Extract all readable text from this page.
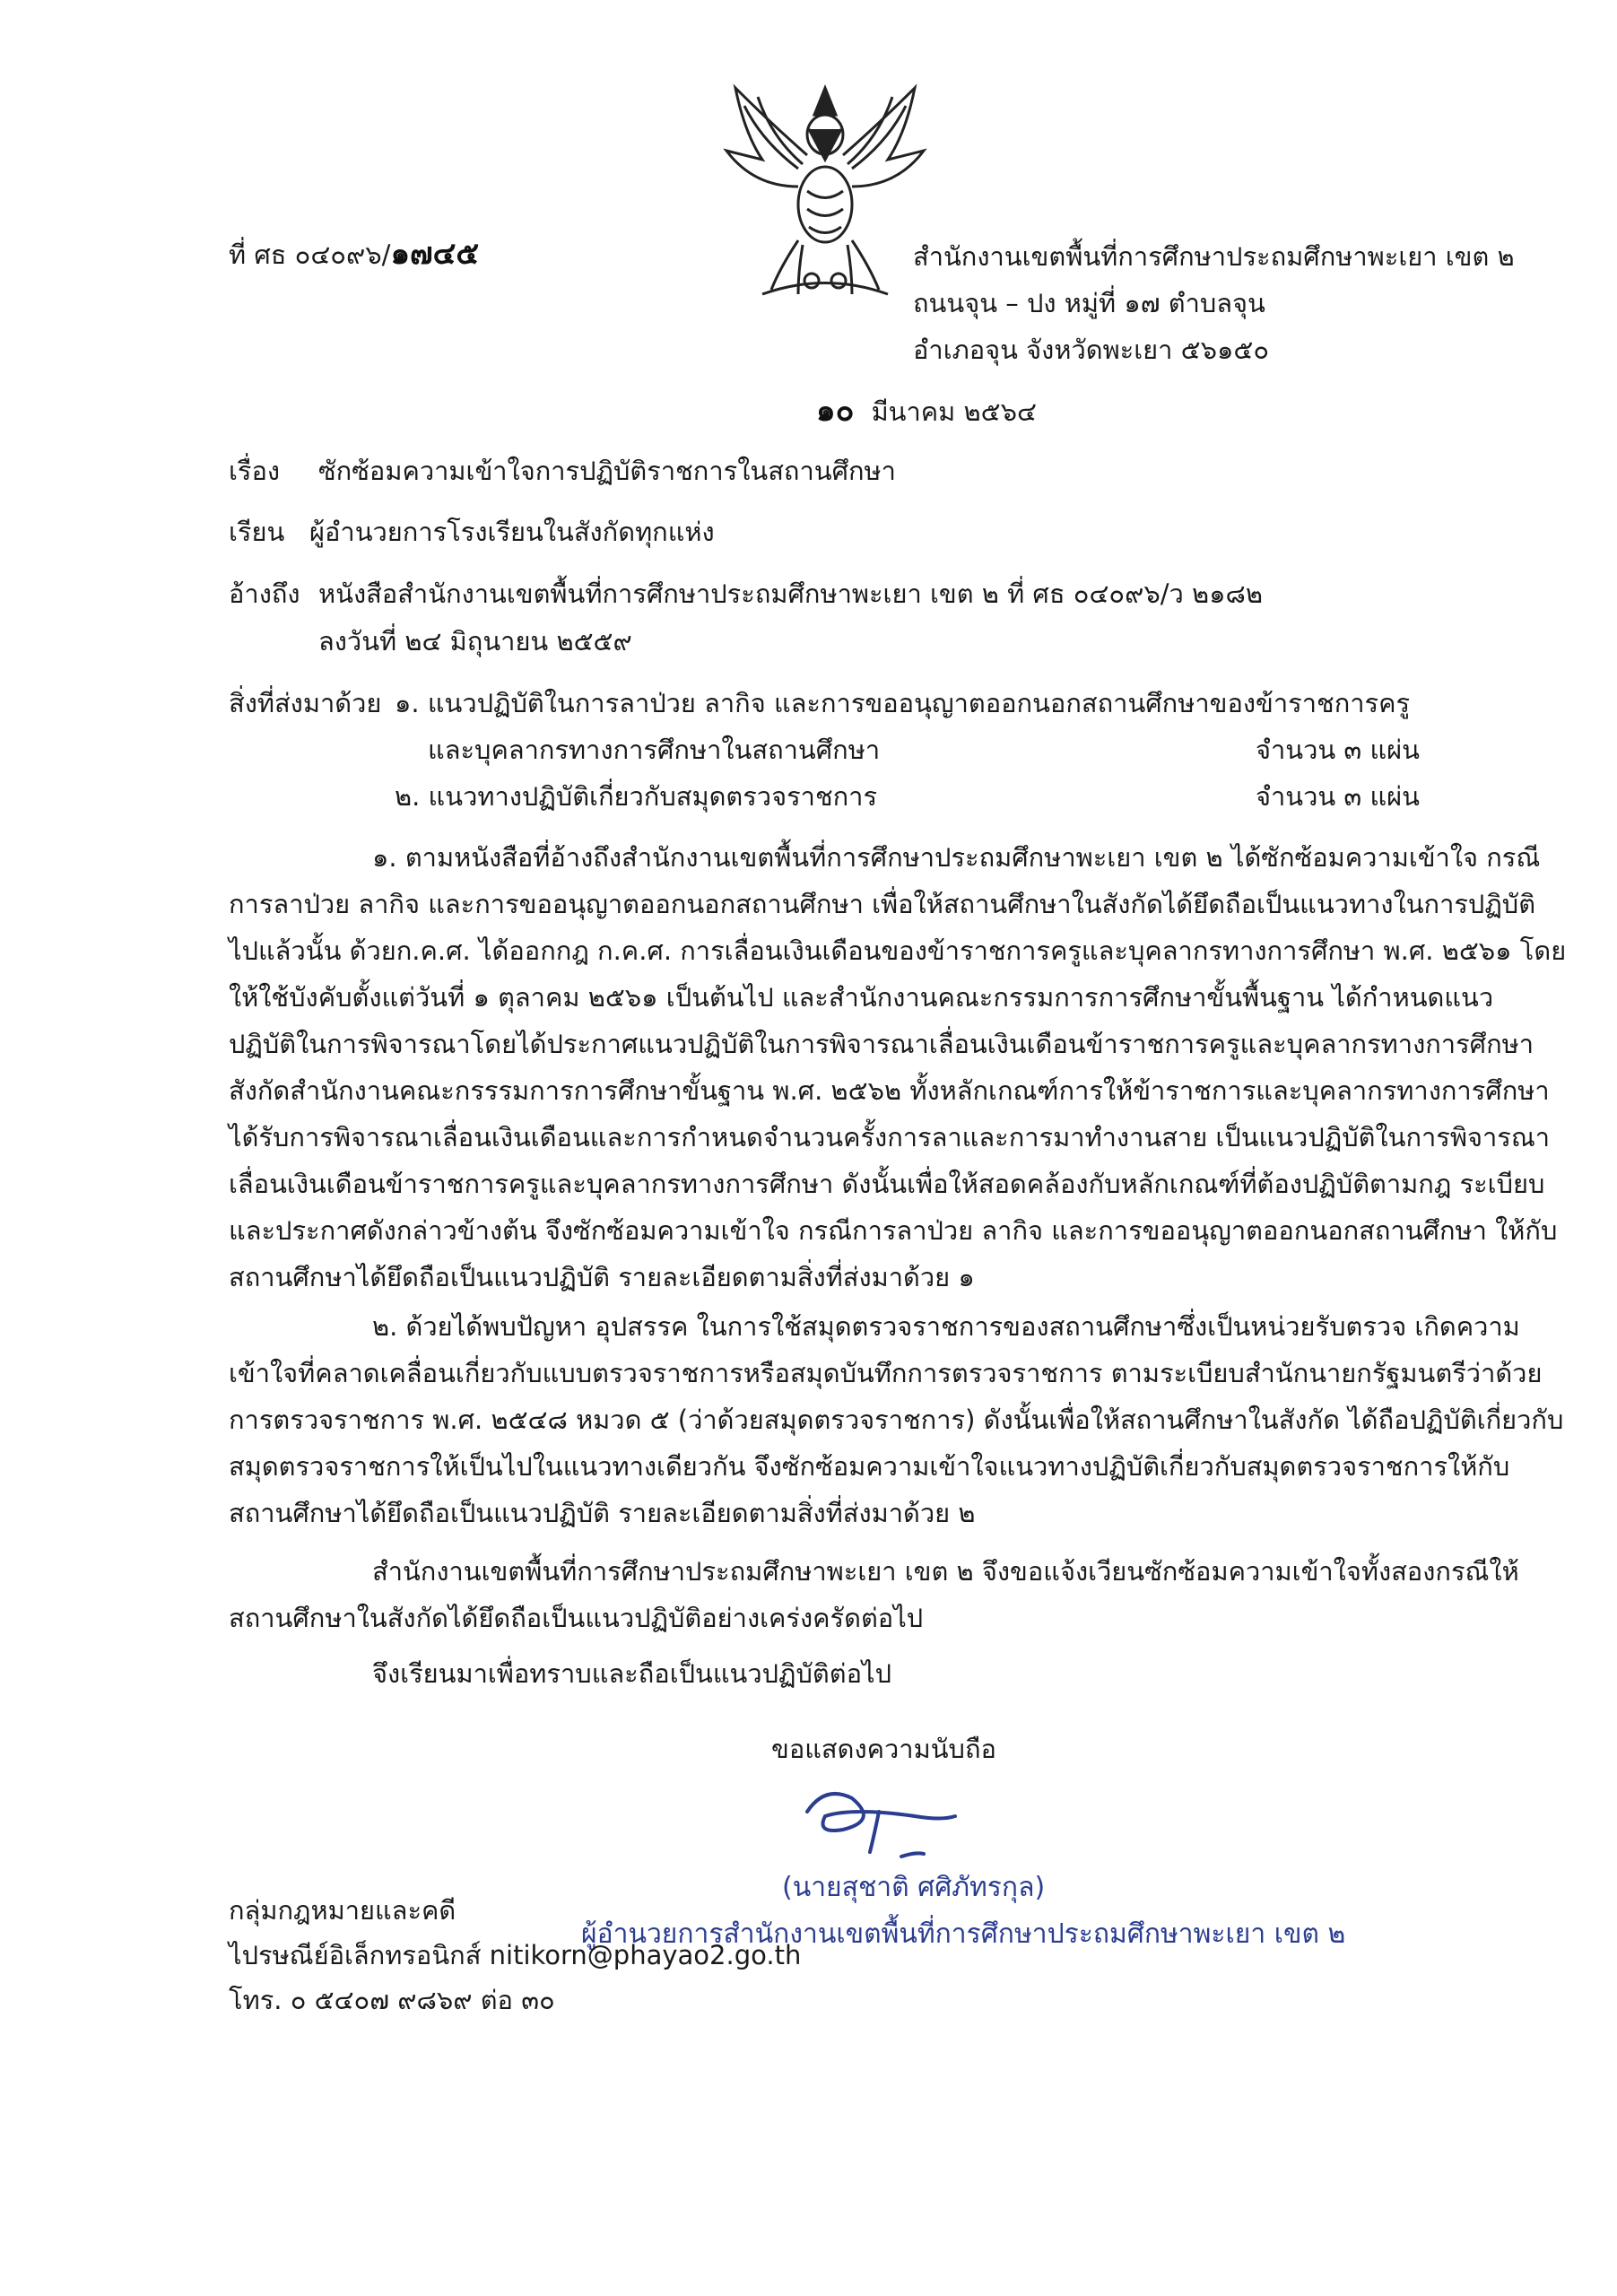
ที่ ศธ ๐๔๐๙๖/๑๗๔๕	สำนักงานเขตพื้นที่การศึกษาประถมศึกษาพะเยา เขต ๒
ถนนจุน – ปง หมู่ที่ ๑๗ ตำบลจุน
อำเภอจุน จังหวัดพะเยา ๕๖๑๕๐
๑๐ มีนาคม ๒๕๖๔
เรื่อง ซักซ้อมความเข้าใจการปฏิบัติราชการในสถานศึกษา
เรียน ผู้อำนวยการโรงเรียนในสังกัดทุกแห่ง
อ้างถึง หนังสือสำนักงานเขตพื้นที่การศึกษาประถมศึกษาพะเยา เขต ๒ ที่ ศธ ๐๔๐๙๖/ว ๒๑๘๒
ลงวันที่ ๒๔ มิถุนายน ๒๕๕๙
สิ่งที่ส่งมาด้วย ๑. แนวปฏิบัติในการลาป่วย ลากิจ และการขออนุญาตออกนอกสถานศึกษาของข้าราชการครู
และบุคลากรทางการศึกษาในสถานศึกษา	จำนวน ๓ แผ่น
๒. แนวทางปฏิบัติเกี่ยวกับสมุดตรวจราชการ	จำนวน ๓ แผ่น
๑. ตามหนังสือที่อ้างถึงสำนักงานเขตพื้นที่การศึกษาประถมศึกษาพะเยา เขต ๒ ได้ซักซ้อมความเข้าใจ กรณี
การลาป่วย ลากิจ และการขออนุญาตออกนอกสถานศึกษา เพื่อให้สถานศึกษาในสังกัดได้ยึดถือเป็นแนวทางในการปฏิบัติ
ไปแล้วนั้น ด้วยก.ค.ศ. ได้ออกกฎ ก.ค.ศ. การเลื่อนเงินเดือนของข้าราชการครูและบุคลากรทางการศึกษา พ.ศ. ๒๕๖๑ โดย
ให้ใช้บังคับตั้งแต่วันที่ ๑ ตุลาคม ๒๕๖๑ เป็นต้นไป และสำนักงานคณะกรรมการการศึกษาขั้นพื้นฐาน ได้กำหนดแนว
ปฏิบัติในการพิจารณาโดยได้ประกาศแนวปฏิบัติในการพิจารณาเลื่อนเงินเดือนข้าราชการครูและบุคลากรทางการศึกษา
สังกัดสำนักงานคณะกรรรมการการศึกษาขั้นฐาน พ.ศ. ๒๕๖๒ ทั้งหลักเกณฑ์การให้ข้าราชการและบุคลากรทางการศึกษา
ได้รับการพิจารณาเลื่อนเงินเดือนและการกำหนดจำนวนครั้งการลาและการมาทำงานสาย เป็นแนวปฏิบัติในการพิจารณา
เลื่อนเงินเดือนข้าราชการครูและบุคลากรทางการศึกษา ดังนั้นเพื่อให้สอดคล้องกับหลักเกณฑ์ที่ต้องปฏิบัติตามกฎ ระเบียบ
และประกาศดังกล่าวข้างต้น จึงซักซ้อมความเข้าใจ กรณีการลาป่วย ลากิจ และการขออนุญาตออกนอกสถานศึกษา ให้กับ
สถานศึกษาได้ยึดถือเป็นแนวปฏิบัติ รายละเอียดตามสิ่งที่ส่งมาด้วย ๑
๒. ด้วยได้พบปัญหา อุปสรรค ในการใช้สมุดตรวจราชการของสถานศึกษาซึ่งเป็นหน่วยรับตรวจ เกิดความ
เข้าใจที่คลาดเคลื่อนเกี่ยวกับแบบตรวจราชการหรือสมุดบันทึกการตรวจราชการ ตามระเบียบสำนักนายกรัฐมนตรีว่าด้วย
การตรวจราชการ พ.ศ. ๒๕๔๘ หมวด ๕ (ว่าด้วยสมุดตรวจราชการ) ดังนั้นเพื่อให้สถานศึกษาในสังกัด ได้ถือปฏิบัติเกี่ยวกับ
สมุดตรวจราชการให้เป็นไปในแนวทางเดียวกัน จึงซักซ้อมความเข้าใจแนวทางปฏิบัติเกี่ยวกับสมุดตรวจราชการให้กับ
สถานศึกษาได้ยึดถือเป็นแนวปฏิบัติ รายละเอียดตามสิ่งที่ส่งมาด้วย ๒
สำนักงานเขตพื้นที่การศึกษาประถมศึกษาพะเยา เขต ๒ จึงขอแจ้งเวียนซักซ้อมความเข้าใจทั้งสองกรณีให้
สถานศึกษาในสังกัดได้ยึดถือเป็นแนวปฏิบัติอย่างเคร่งครัดต่อไป
จึงเรียนมาเพื่อทราบและถือเป็นแนวปฏิบัติต่อไป
ขอแสดงความนับถือ
(นายสุชาติ ศศิภัทรกุล)
ผู้อำนวยการสำนักงานเขตพื้นที่การศึกษาประถมศึกษาพะเยา เขต ๒
กลุ่มกฎหมายและคดี
ไปรษณีย์อิเล็กทรอนิกส์ nitikorn@phayao2.go.th
โทร. ๐ ๕๔๐๗ ๙๘๖๙ ต่อ ๓๐
